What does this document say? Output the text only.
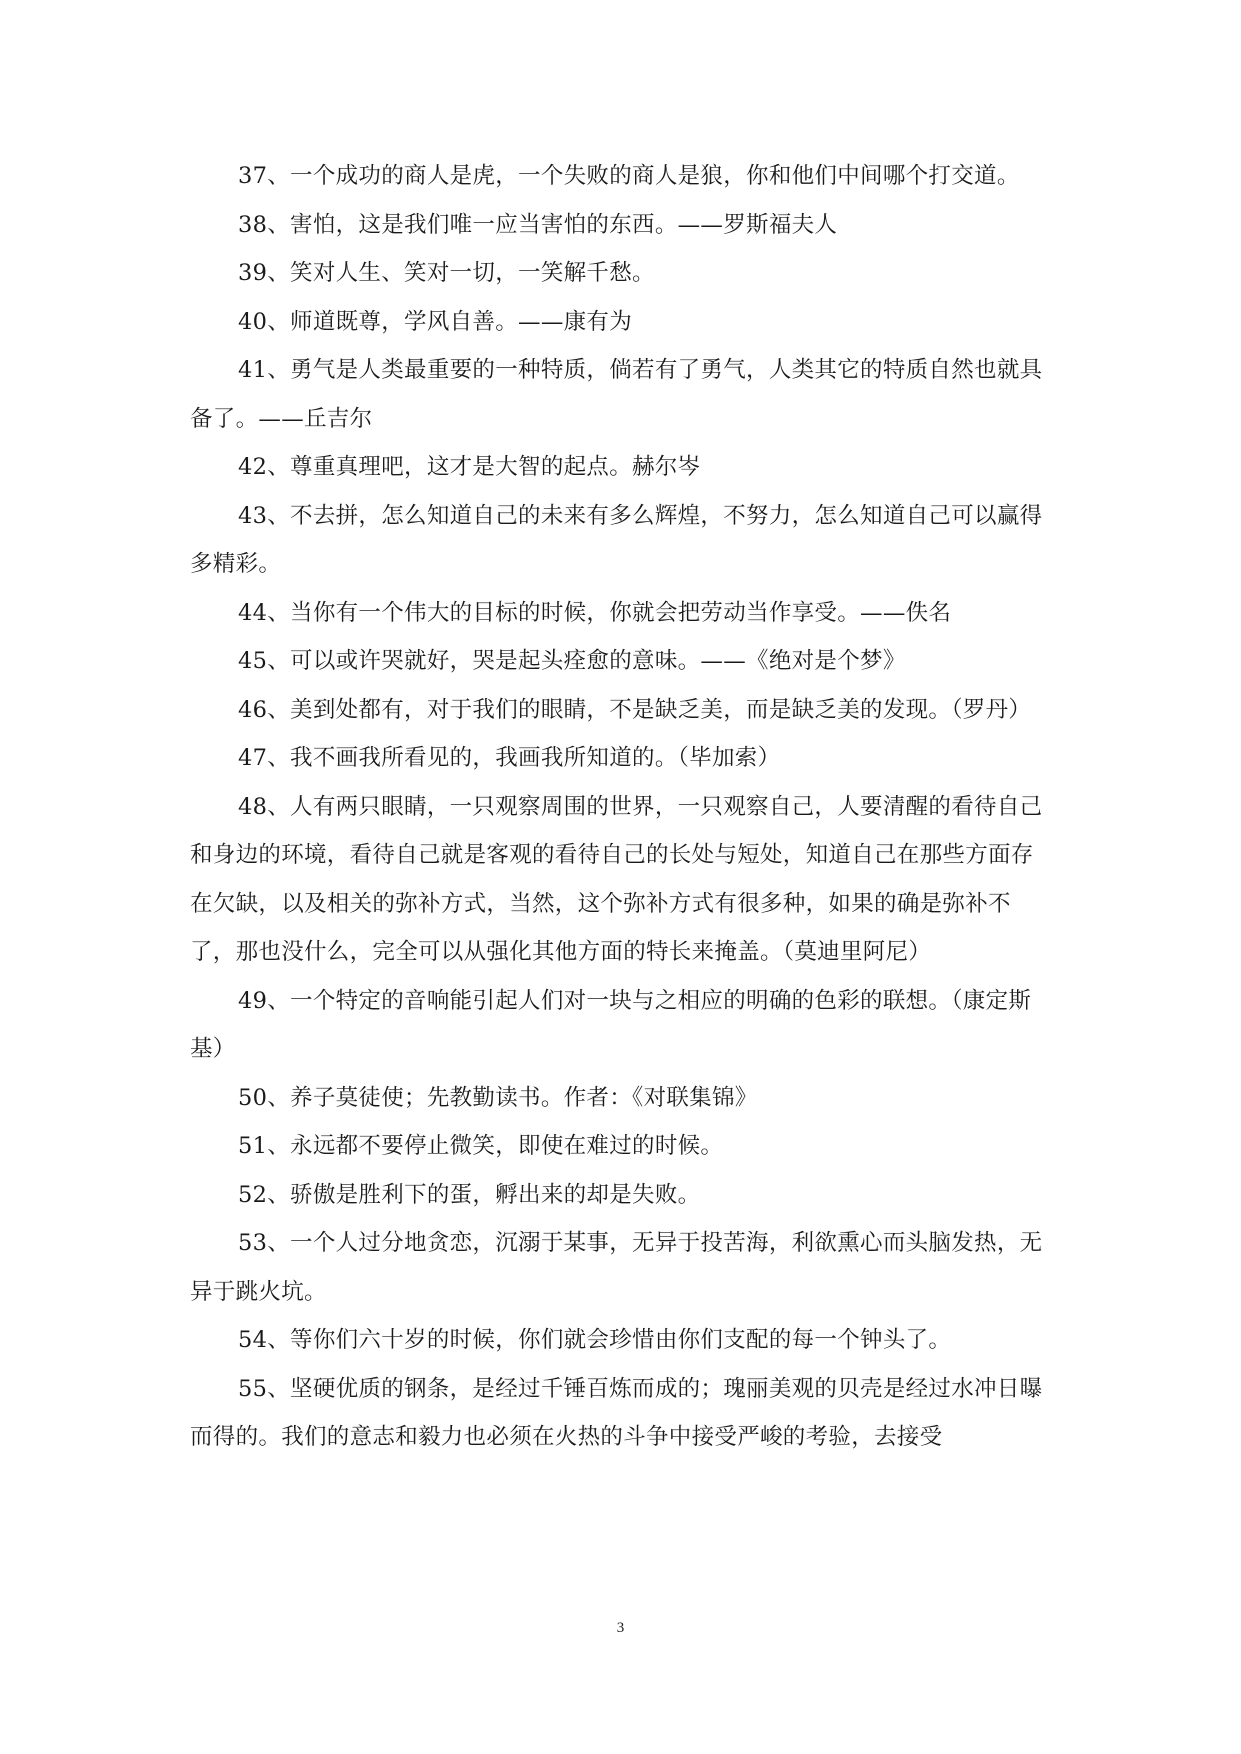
37、一个成功的商人是虎，一个失败的商人是狼，你和他们中间哪个打交道。

38、害怕，这是我们唯一应当害怕的东西。——罗斯福夫人

39、笑对人生、笑对一切，一笑解千愁。

40、师道既尊，学风自善。——康有为

41、勇气是人类最重要的一种特质，倘若有了勇气，人类其它的特质自然也就具备了。——丘吉尔

42、尊重真理吧，这才是大智的起点。赫尔岑

43、不去拼，怎么知道自己的未来有多么辉煌，不努力，怎么知道自己可以赢得多精彩。

44、当你有一个伟大的目标的时候，你就会把劳动当作享受。——佚名

45、可以或许哭就好，哭是起头痊愈的意味。——《绝对是个梦》

46、美到处都有，对于我们的眼睛，不是缺乏美，而是缺乏美的发现。（罗丹）

47、我不画我所看见的，我画我所知道的。（毕加索）

48、人有两只眼睛，一只观察周围的世界，一只观察自己，人要清醒的看待自己和身边的环境，看待自己就是客观的看待自己的长处与短处，知道自己在那些方面存在欠缺，以及相关的弥补方式，当然，这个弥补方式有很多种，如果的确是弥补不了，那也没什么，完全可以从强化其他方面的特长来掩盖。（莫迪里阿尼）

49、一个特定的音响能引起人们对一块与之相应的明确的色彩的联想。（康定斯基）

50、养子莫徒使；先教勤读书。作者：《对联集锦》

51、永远都不要停止微笑，即使在难过的时候。

52、骄傲是胜利下的蛋，孵出来的却是失败。

53、一个人过分地贪恋，沉溺于某事，无异于投苦海，利欲熏心而头脑发热，无异于跳火坑。

54、等你们六十岁的时候，你们就会珍惜由你们支配的每一个钟头了。

55、坚硬优质的钢条，是经过千锤百炼而成的；瑰丽美观的贝壳是经过水冲日曝而得的。我们的意志和毅力也必须在火热的斗争中接受严峻的考验，去接受

3
